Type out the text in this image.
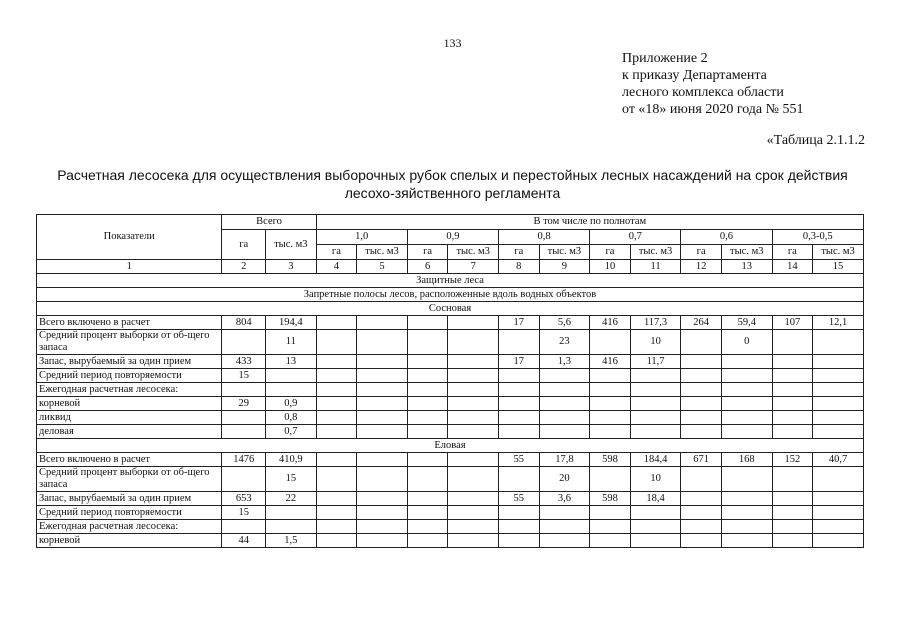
133
Приложение 2
к приказу Департамента
лесного комплекса области
от «18» июня 2020 года № 551
«Таблица 2.1.1.2
Расчетная лесосека для осуществления выборочных рубок спелых и перестойных лесных насаждений на срок действия лесохо-зяйственного регламента
Показатели	Всего		В том числе по полнотам											
	га	тыс. м3	1,0		0,9		0,8		0,7		0,6		0,3-0,5	
			га	тыс. м3	га	тыс. м3	га	тыс. м3	га	тыс. м3	га	тыс. м3	га	тыс. м3
1	2	3	4	5	6	7	8	9	10	11	12	13	14	15
Защитные леса														
Запретные полосы лесов, расположенные вдоль водных объектов														
Сосновая														
Всего включено в расчет	804	194,4					17	5,6	416	117,3	264	59,4	107	12,1
Средний процент выборки от об-щего запаса		11						23		10		0		
Запас, вырубаемый за один прием	433	13					17	1,3	416	11,7				
Средний период повторяемости	15													
Ежегодная расчетная лесосека:														
корневой	29	0,9												
ликвид		0,8												
деловая		0,7												
Еловая														
Всего включено в расчет	1476	410,9					55	17,8	598	184,4	671	168	152	40,7
Средний процент выборки от об-щего запаса		15						20		10				
Запас, вырубаемый за один прием	653	22					55	3,6	598	18,4				
Средний период повторяемости	15													
Ежегодная расчетная лесосека:														
корневой	44	1,5												
